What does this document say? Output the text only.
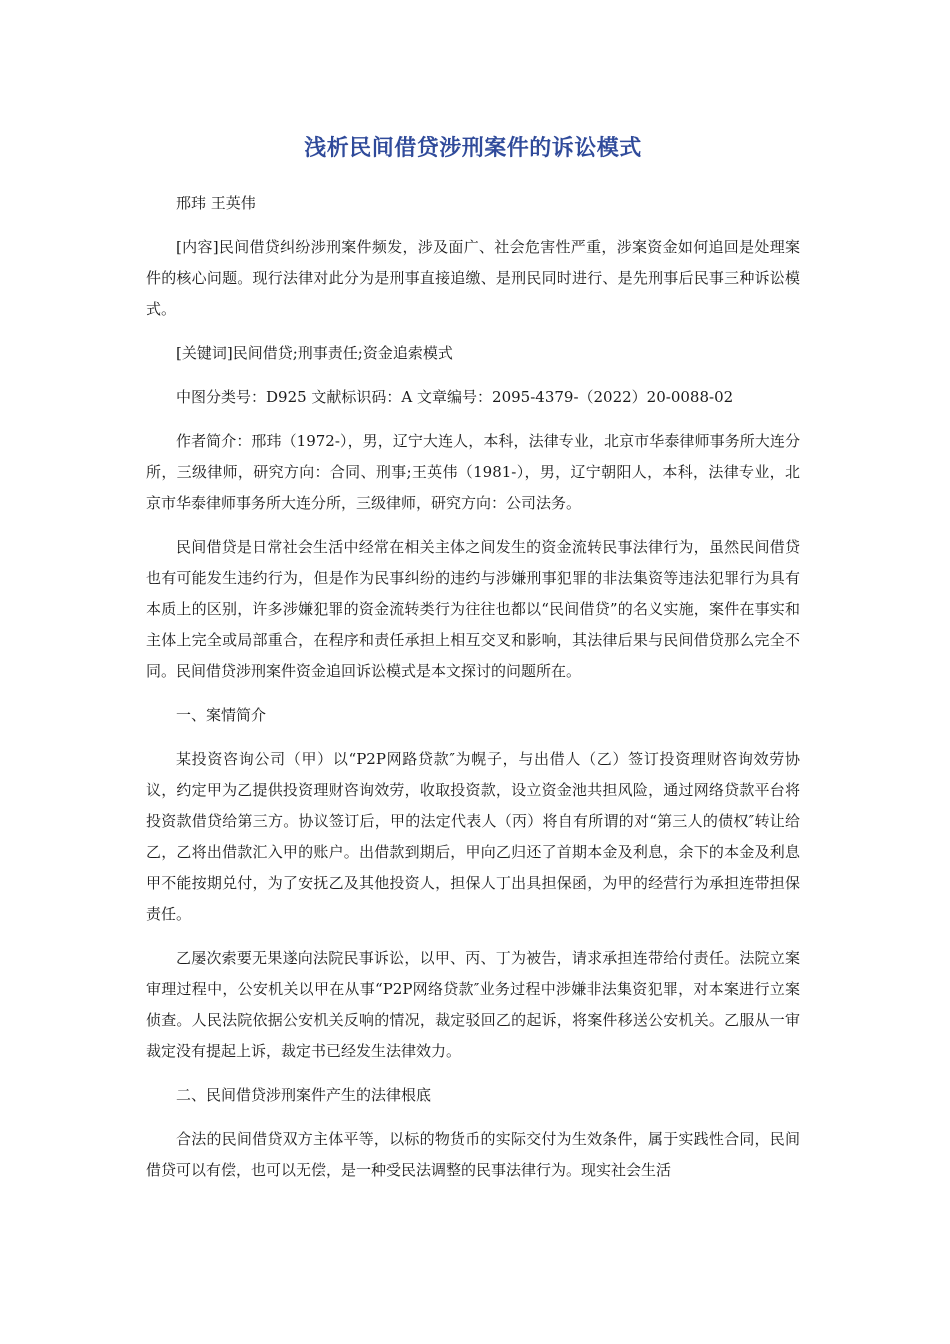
浅析民间借贷涉刑案件的诉讼模式
邢玮 王英伟

[内容]民间借贷纠纷涉刑案件频发，涉及面广、社会危害性严重，涉案资金如何追回是处理案件的核心问题。现行法律对此分为是刑事直接追缴、是刑民同时进行、是先刑事后民事三种诉讼模式。

[关键词]民间借贷;刑事责任;资金追索模式

中图分类号：D925 文献标识码：A 文章编号：2095-4379-（2022）20-0088-02

作者简介：邢玮（1972-），男，辽宁大连人，本科，法律专业，北京市华泰律师事务所大连分所，三级律师，研究方向：合同、刑事;王英伟（1981-），男，辽宁朝阳人，本科，法律专业，北京市华泰律师事务所大连分所，三级律师，研究方向：公司法务。

民间借贷是日常社会生活中经常在相关主体之间发生的资金流转民事法律行为，虽然民间借贷也有可能发生违约行为，但是作为民事纠纷的违约与涉嫌刑事犯罪的非法集资等违法犯罪行为具有本质上的区别，许多涉嫌犯罪的资金流转类行为往往也都以“民间借贷”的名义实施，案件在事实和主体上完全或局部重合，在程序和责任承担上相互交叉和影响，其法律后果与民间借贷那么完全不同。民间借贷涉刑案件资金追回诉讼模式是本文探讨的问题所在。

一、案情简介

某投资咨询公司（甲）以“P2P网路贷款″为幌子，与出借人（乙）签订投资理财咨询效劳协议，约定甲为乙提供投资理财咨询效劳，收取投资款，设立资金池共担风险，通过网络贷款平台将投资款借贷给第三方。协议签订后，甲的法定代表人（丙）将自有所谓的对“第三人的债权″转让给乙，乙将出借款汇入甲的账户。出借款到期后，甲向乙归还了首期本金及利息，余下的本金及利息甲不能按期兑付，为了安抚乙及其他投资人，担保人丁出具担保函，为甲的经营行为承担连带担保责任。

乙屡次索要无果遂向法院民事诉讼，以甲、丙、丁为被告，请求承担连带给付责任。法院立案审理过程中，公安机关以甲在从事“P2P网络贷款″业务过程中涉嫌非法集资犯罪，对本案进行立案侦查。人民法院依据公安机关反响的情况，裁定驳回乙的起诉，将案件移送公安机关。乙服从一审裁定没有提起上诉，裁定书已经发生法律效力。

二、民间借贷涉刑案件产生的法律根底

合法的民间借贷双方主体平等，以标的物货币的实际交付为生效条件，属于实践性合同，民间借贷可以有偿，也可以无偿，是一种受民法调整的民事法律行为。现实社会生活
